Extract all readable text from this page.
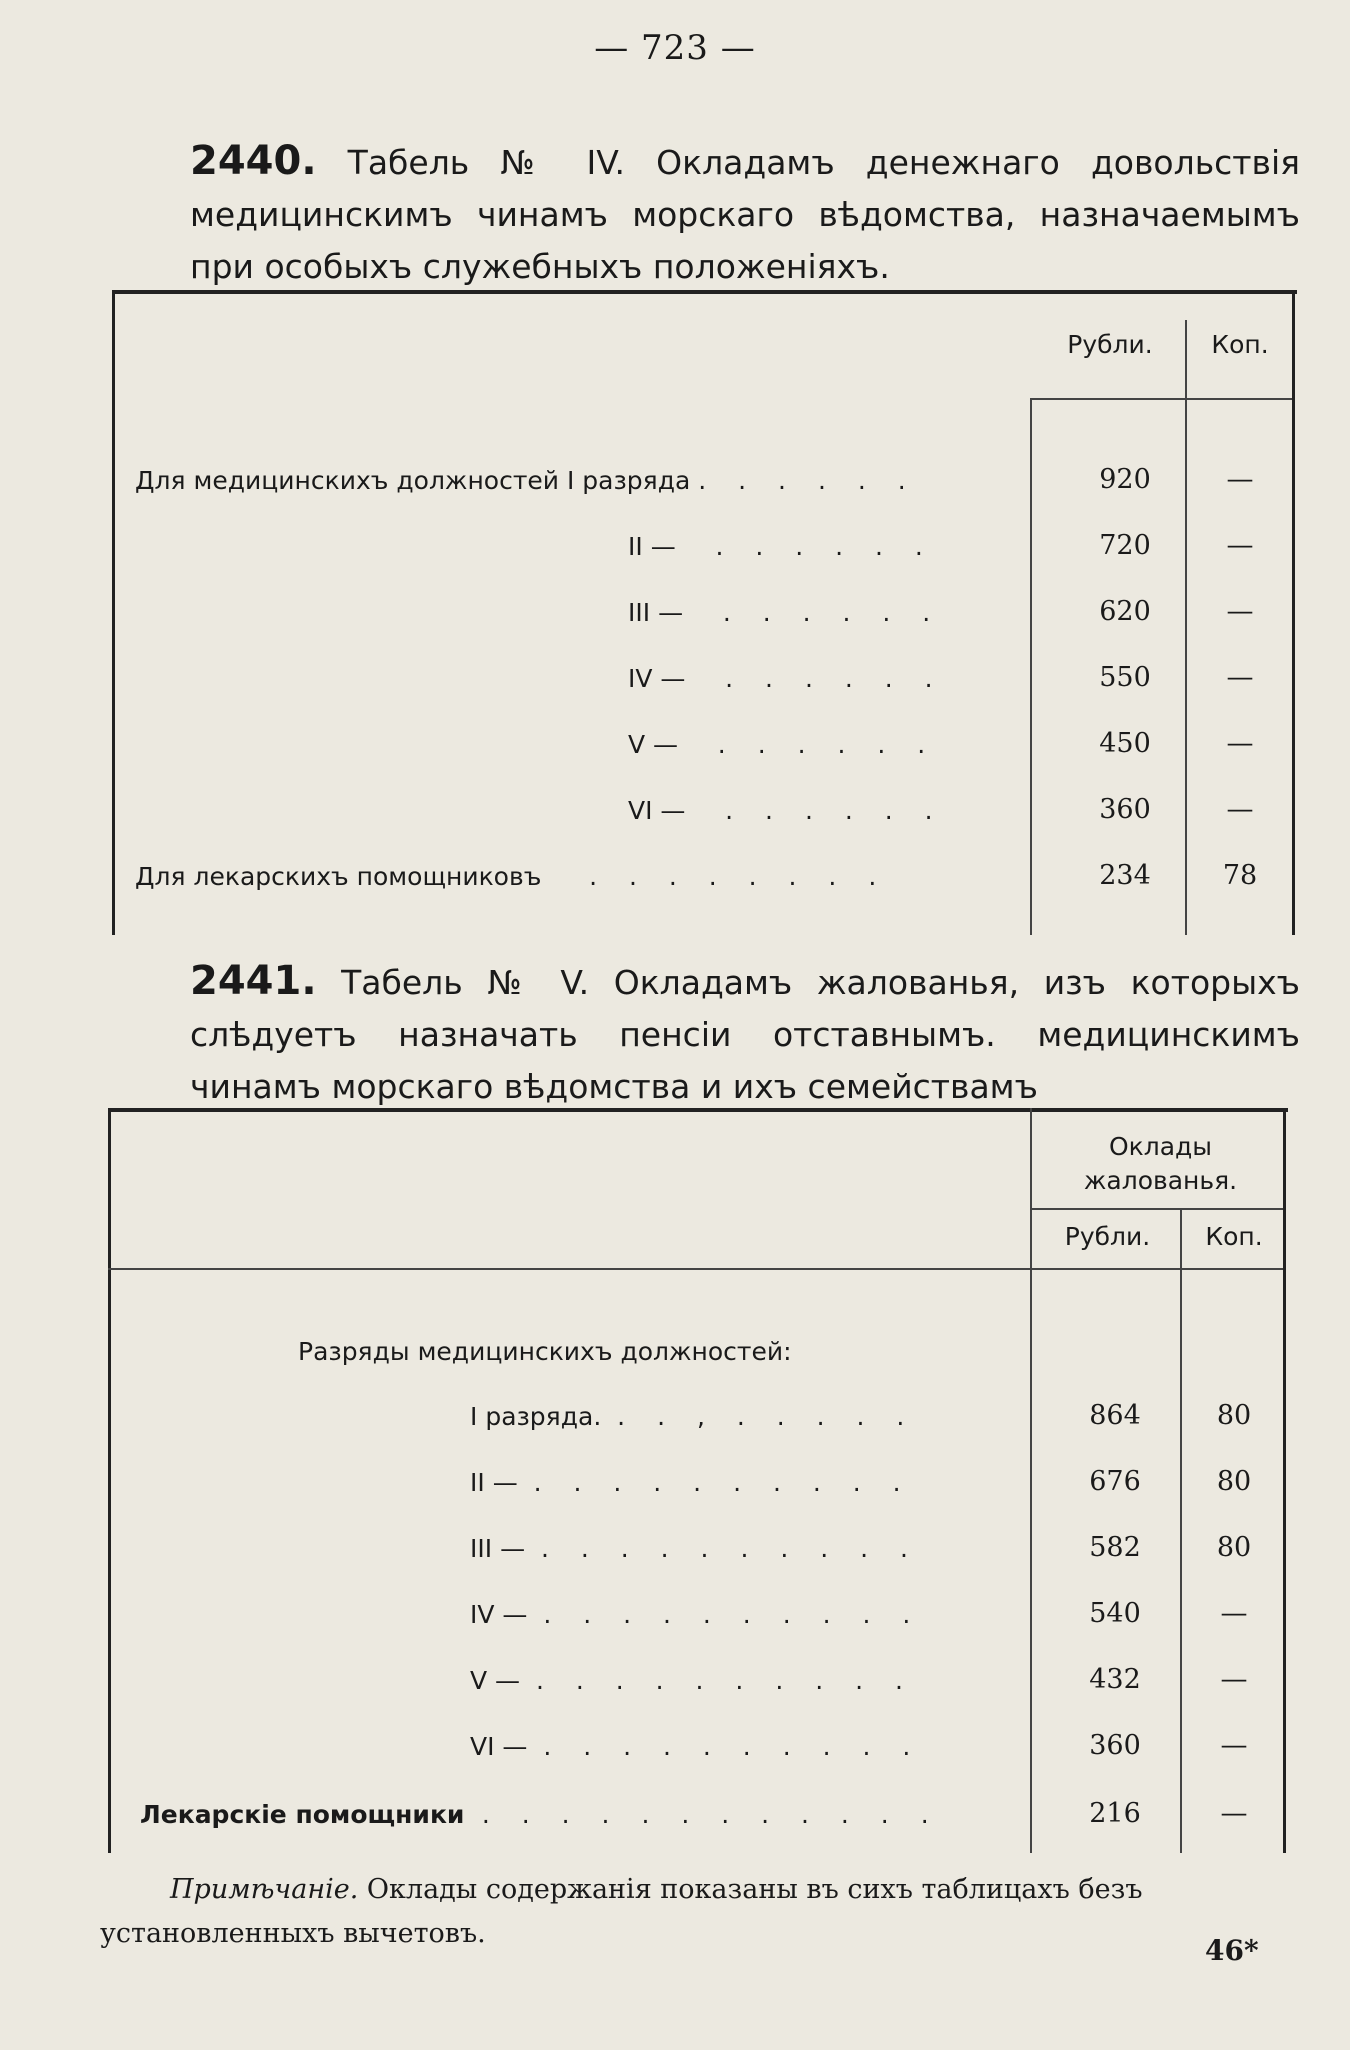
— 723 —
2440. Табель № IV. Окладамъ денежнаго довольствія медицинскимъ чинамъ морскаго вѣдомства, назначаемымъ при особыхъ служебныхъ положеніяхъ.
Рубли.	Коп.
Для медицинскихъ должностей I разряда . . . . . .	920	—
II — . . . . . .	720	—
III — . . . . . .	620	—
IV — . . . . . .	550	—
V — . . . . . .	450	—
VI — . . . . . .	360	—
Для лекарскихъ помощниковъ . . . . . . . .	234	78
2441. Табель № V. Окладамъ жалованья, изъ которыхъ слѣдуетъ назначать пенсіи отставнымъ. медицинскимъ чинамъ морскаго вѣдомства и ихъ семействамъ
Оклады жалованья.
Рубли.	Коп.
Разряды медицинскихъ должностей:
I разряда. . . , . . . . .	864	80
II — . . . . . . . . . .	676	80
III — . . . . . . . . . .	582	80
IV — . . . . . . . . . .	540	—
V — . . . . . . . . . .	432	—
VI — . . . . . . . . . .	360	—
Лекарскіе помощники . . . . . . . . . . . .	216	—
Примѣчаніе. Оклады содержанія показаны въ сихъ таблицахъ безъ установленныхъ вычетовъ.
46*
